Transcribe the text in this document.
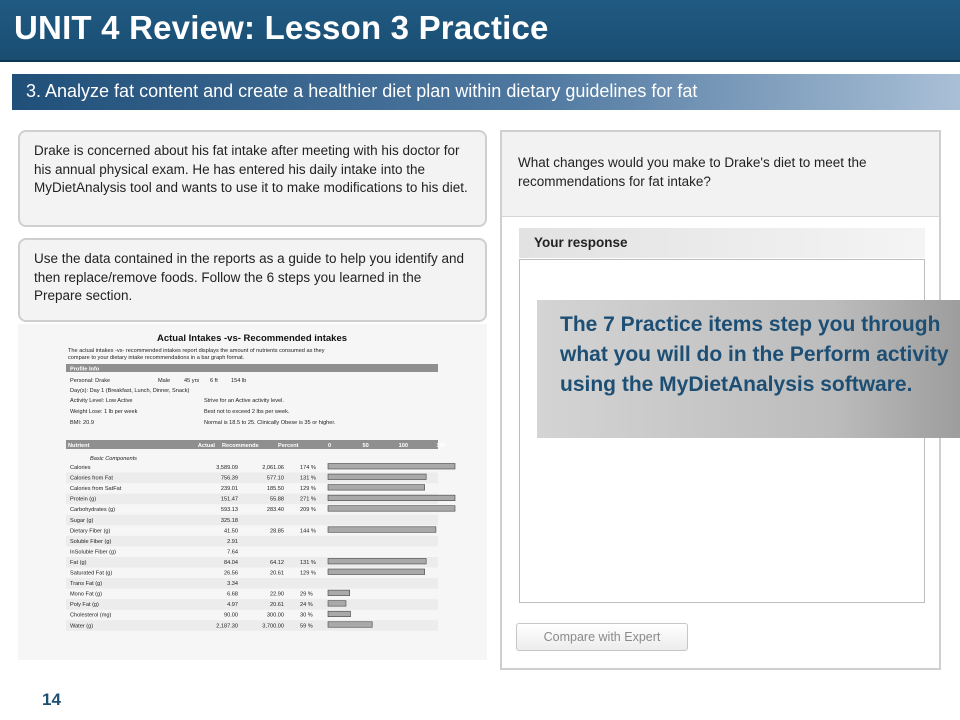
UNIT 4 Review: Lesson 3 Practice
3. Analyze fat content and create a healthier diet plan within dietary guidelines for fat
Drake is concerned about his fat intake after meeting with his doctor for his annual physical exam. He has entered his daily intake into the MyDietAnalysis tool and wants to use it to make modifications to his diet.
Use the data contained in the reports as a guide to help you identify and then replace/remove foods. Follow the 6 steps you learned in the Prepare section.
Actual Intakes -vs- Recommended intakes
The actual intakes -vs- recommended intakes report displays the amount of nutrients consumed as they
compare to your dietary intake recommendations in a bar graph format.
Profile Info
Personal: Drake	Male 45 yrs 6 ft 154 lb
Day(s): Day 1 (Breakfast, Lunch, Dinner, Snack)
Activity Level: Low Active	Strive for an Active activity level.
Weight Lose: 1 lb per week	Best not to exceed 2 lbs per week.
BMI: 20.9	Normal is 18.5 to 25. Clinically Obese is 35 or higher.
Nutrient	Actual Recommende	Percent	0	50	100	150
Basic Components
Calories	3,589.09	2,061.06	174 %
Calories from Fat	756.39	577.10	131 %
Calories from SatFat	239.01	185.50	129 %
Protein (g)	151.47	55.88	271 %
Carbohydrates (g)	593.13	283.40	209 %
Sugar (g)	325.18
Dietary Fiber (g)	41.50	28.85	144 %
Soluble Fiber (g)	2.91
InSoluble Fiber (g)	7.64
Fat (g)	84.04	64.12	131 %
Saturated Fat (g)	26.56	20.61	129 %
Trans Fat (g)	3.34
Mono Fat (g)	6.68	22.90	29 %
Poly Fat (g)	4.97	20.61	24 %
Cholesterol (mg)	90.00	300.00	30 %
Water (g)	2,187.30	3,700.00	59 %
What changes would you make to Drake's diet to meet the recommendations for fat intake?
Your response
Compare with Expert
The 7 Practice items step you through what you will do in the Perform activity using the MyDietAnalysis software.
14
